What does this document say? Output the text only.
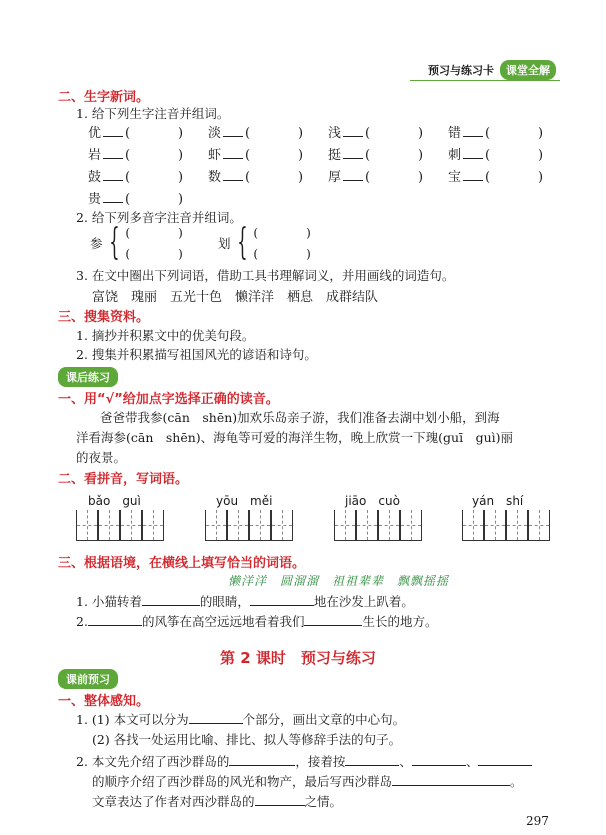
预习与练习卡	课堂全解
二、生字新词。
1. 给下列生字注音并组词。
优 (	) 淡 (	) 浅 (	) 错 (	)
岩 (	) 虾 (	) 挺 (	) 刺 (	)
鼓 (	) 数 (	) 厚 (	) 宝 (	)
贵 (	)
2. 给下列多音字注音并组词。
参 { (　　　　)
(　　　　)
划 { (　　　　)
(　　　　)
3. 在文中圈出下列词语，借助工具书理解词义，并用画线的词造句。
富饶　瑰丽　五光十色　懒洋洋　栖息　成群结队
三、搜集资料。
1. 摘抄并积累文中的优美句段。
2. 搜集并积累描写祖国风光的谚语和诗句。
课后练习
一、用“√”给加点字选择正确的读音。
爸爸带我参(cān　shēn)加欢乐岛亲子游，我们准备去湖中划小船，到海
洋看海参(cān　shēn)、海龟等可爱的海洋生物，晚上欣赏一下瑰(guī　guì)丽
的夜景。
二、看拼音，写词语。
bǎo　guì	yōu　měi	jiāo　cuò	yán　shí
三、根据语境，在横线上填写恰当的词语。
懒洋洋　圆溜溜　祖祖辈辈　飘飘摇摇
1. 小猫转着	的眼睛，	地在沙发上趴着。
2.	的风筝在高空远远地看着我们	生长的地方。
第 2 课时　预习与练习
课前预习
一、整体感知。
1. (1) 本文可以分为	个部分，画出文章的中心句。
(2) 各找一处运用比喻、排比、拟人等修辞手法的句子。
2. 本文先介绍了西沙群岛的	，接着按	、	、
的顺序介绍了西沙群岛的风光和物产，最后写西沙群岛	。
文章表达了作者对西沙群岛的	之情。
297
